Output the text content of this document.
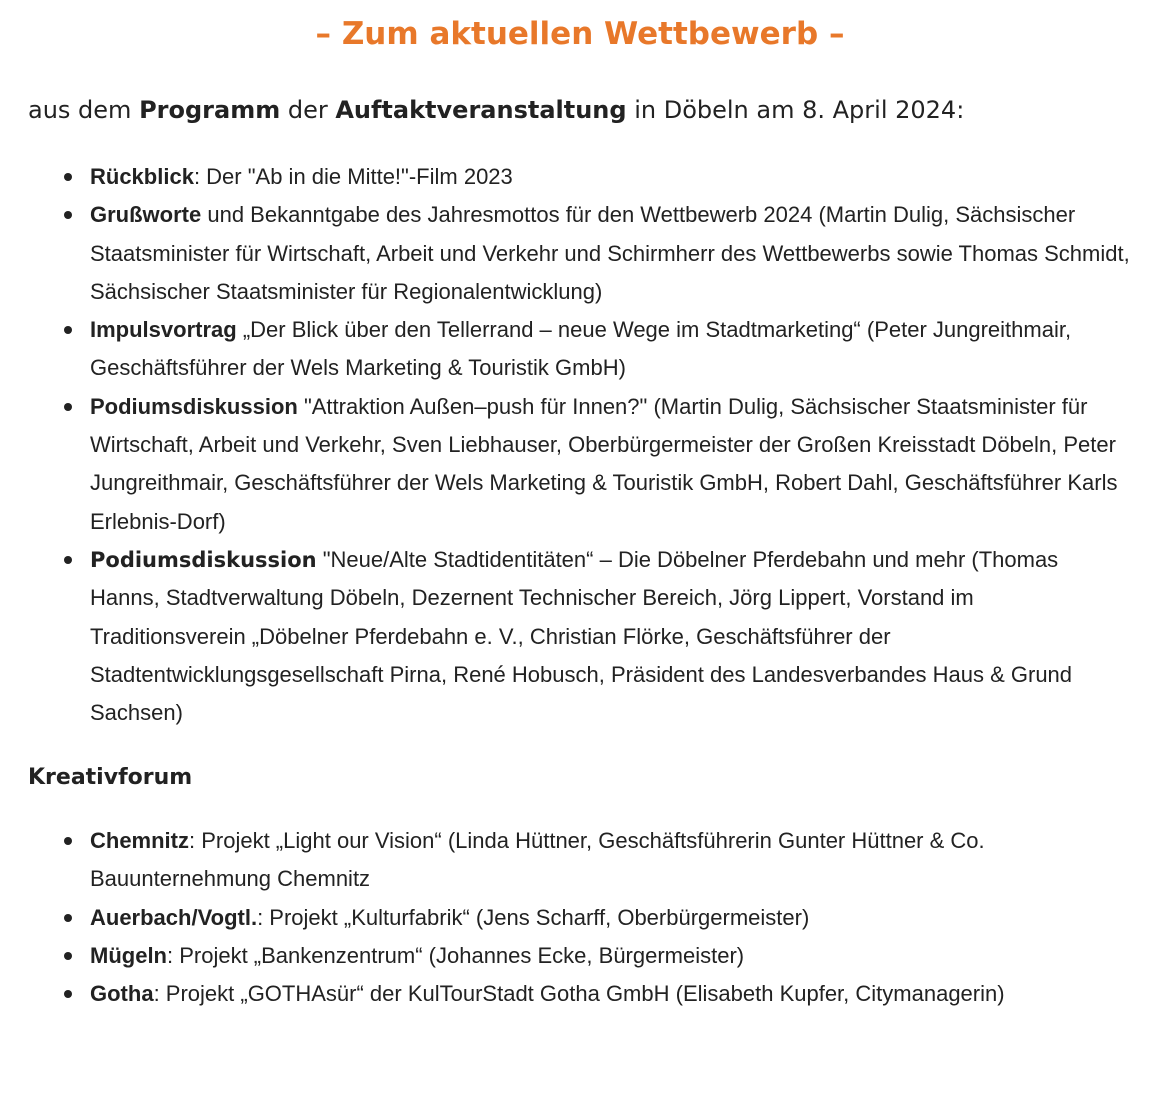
– Zum aktuellen Wettbewerb –

aus dem Programm der Auftaktveranstaltung in Döbeln am 8. April 2024:

Rückblick: Der "Ab in die Mitte!"-Film 2023
Grußworte und Bekanntgabe des Jahresmottos für den Wettbewerb 2024 (Martin Dulig, Sächsischer Staatsminister für Wirtschaft, Arbeit und Verkehr und Schirmherr des Wettbewerbs sowie Thomas Schmidt, Sächsischer Staatsminister für Regionalentwicklung)
Impulsvortrag „Der Blick über den Tellerrand – neue Wege im Stadtmarketing“ (Peter Jungreithmair, Geschäftsführer der Wels Marketing & Touristik GmbH)
Podiumsdiskussion "Attraktion Außen–push für Innen?" (Martin Dulig, Sächsischer Staatsminister für Wirtschaft, Arbeit und Verkehr, Sven Liebhauser, Oberbürgermeister der Großen Kreisstadt Döbeln, Peter Jungreithmair, Geschäftsführer der Wels Marketing & Touristik GmbH, Robert Dahl, Geschäftsführer Karls Erlebnis-Dorf)
Podiumsdiskussion "Neue/Alte Stadtidentitäten“ – Die Döbelner Pferdebahn und mehr (Thomas Hanns, Stadtverwaltung Döbeln, Dezernent Technischer Bereich, Jörg Lippert, Vorstand im Traditionsverein „Döbelner Pferdebahn e. V., Christian Flörke, Geschäftsführer der Stadtentwicklungsgesellschaft Pirna, René Hobusch, Präsident des Landesverbandes Haus & Grund Sachsen)
Kreativforum
Chemnitz: Projekt „Light our Vision“ (Linda Hüttner, Geschäftsführerin Gunter Hüttner & Co. Bauunternehmung Chemnitz
Auerbach/Vogtl.: Projekt „Kulturfabrik“ (Jens Scharff, Oberbürgermeister)
Mügeln: Projekt „Bankenzentrum“ (Johannes Ecke, Bürgermeister)
Gotha: Projekt „GOTHAsür“ der KulTourStadt Gotha GmbH (Elisabeth Kupfer, Citymanagerin)
